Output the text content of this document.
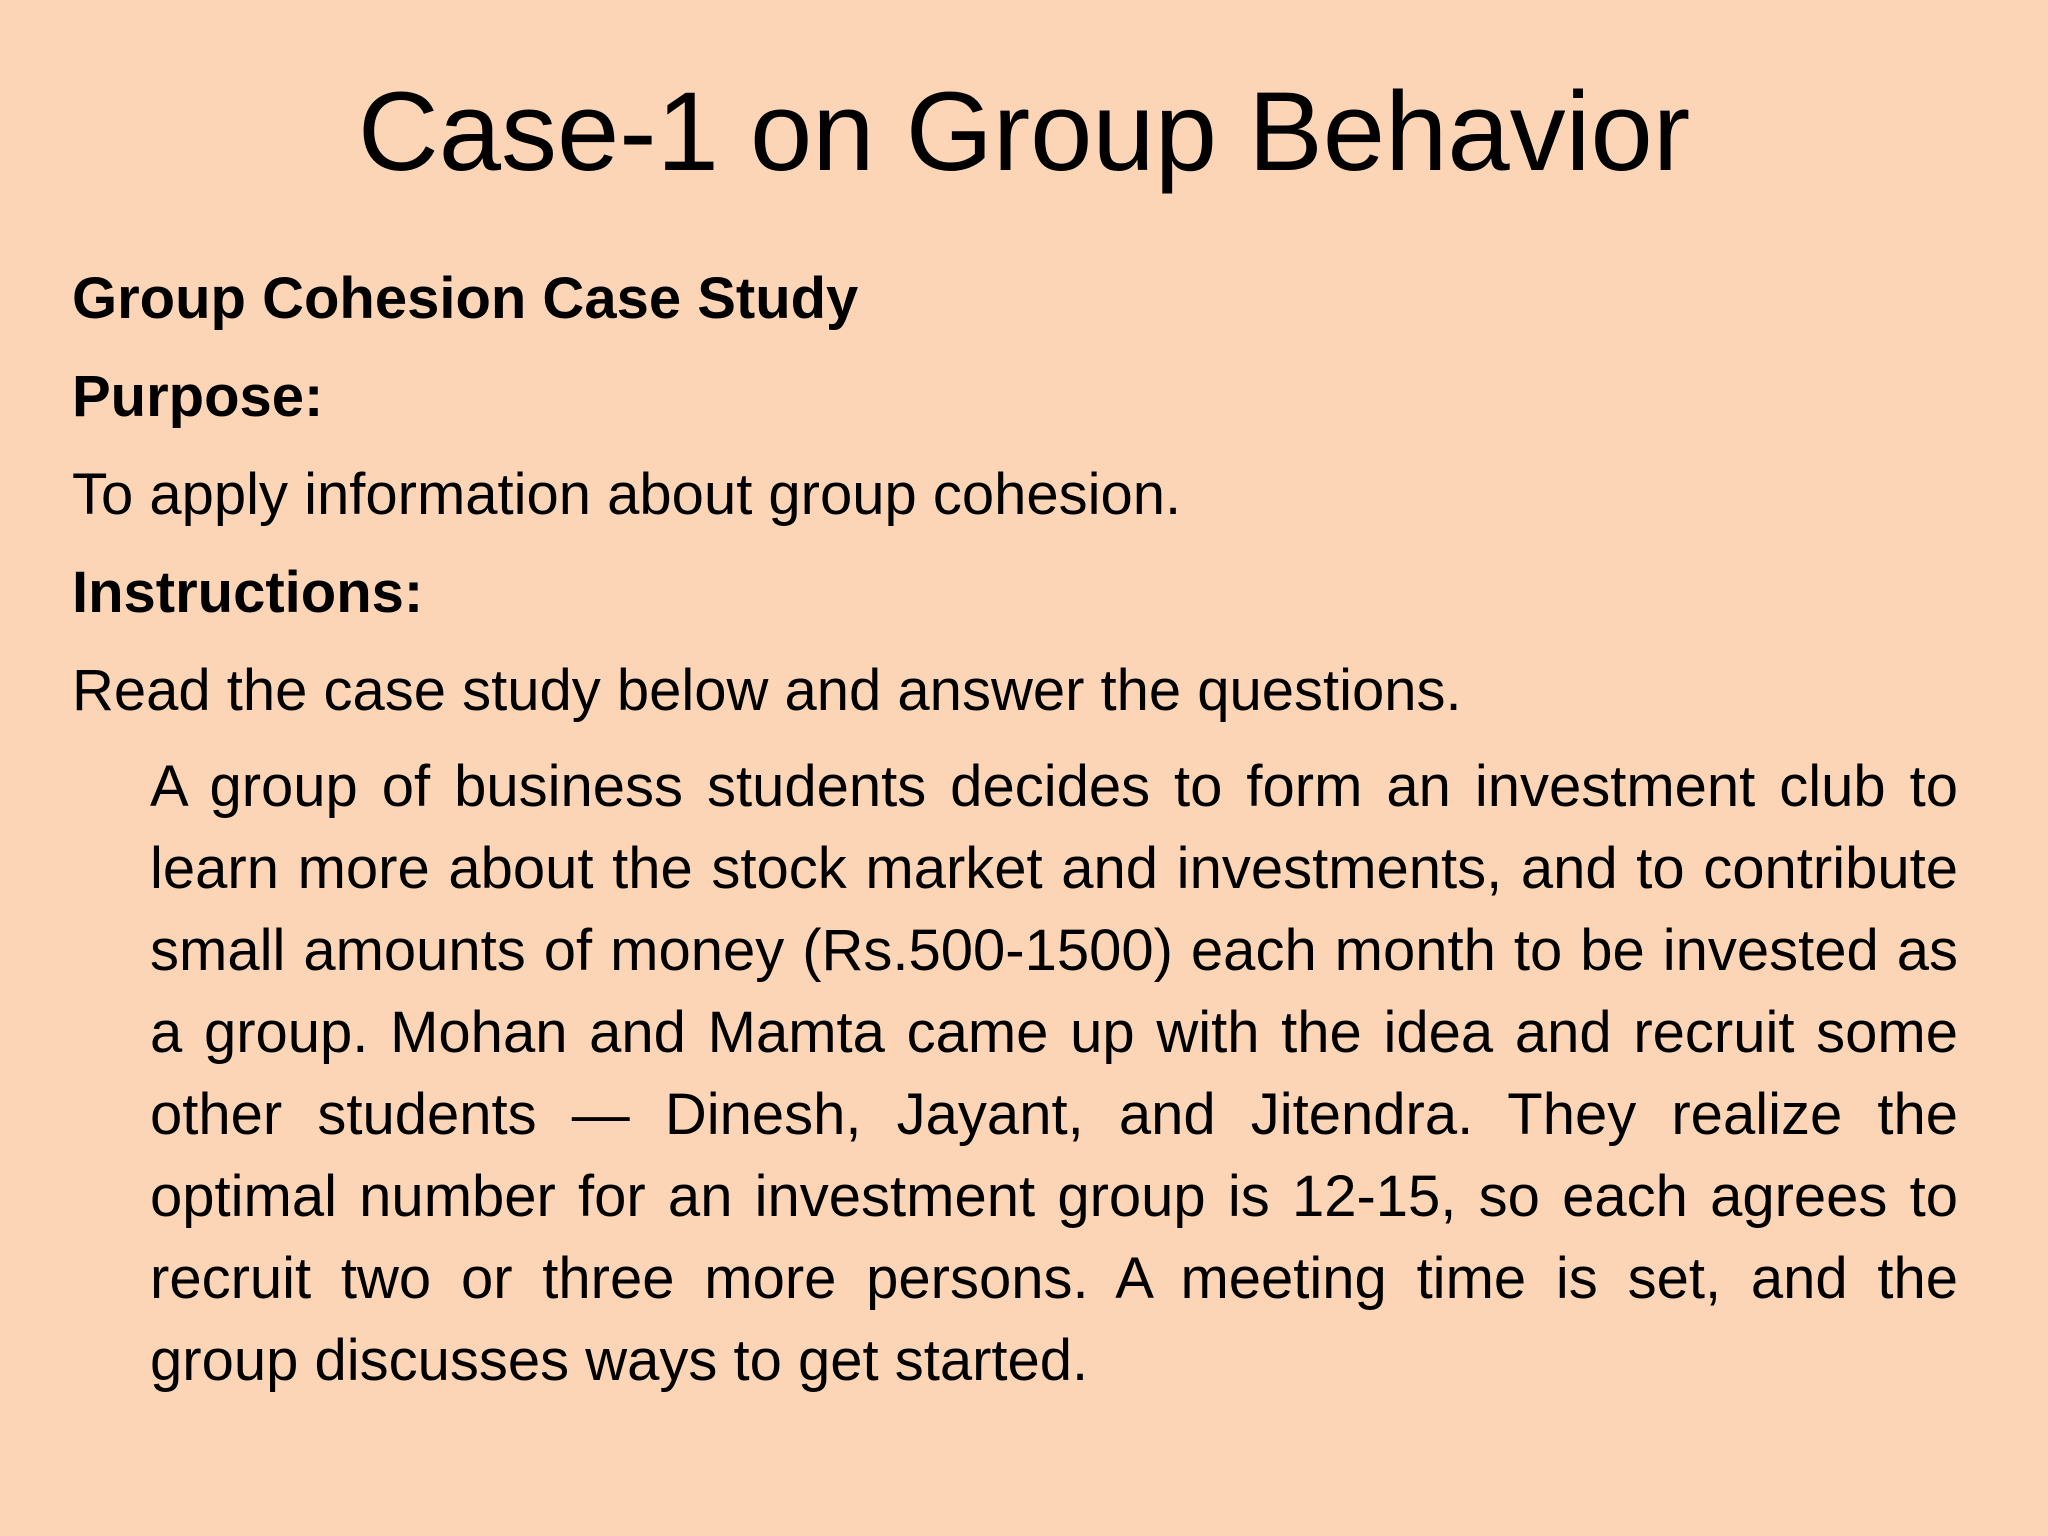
Case-1 on Group Behavior

Group Cohesion Case Study

Purpose:

To apply information about group cohesion.

Instructions:

Read the case study below and answer the questions.

A group of business students decides to form an investment club to learn more about the stock market and investments, and to contribute small amounts of money (Rs.500-1500) each month to be invested as a group. Mohan and Mamta came up with the idea and recruit some other students — Dinesh, Jayant, and Jitendra. They realize the optimal number for an investment group is 12-15, so each agrees to recruit two or three more persons. A meeting time is set, and the group discusses ways to get started.
